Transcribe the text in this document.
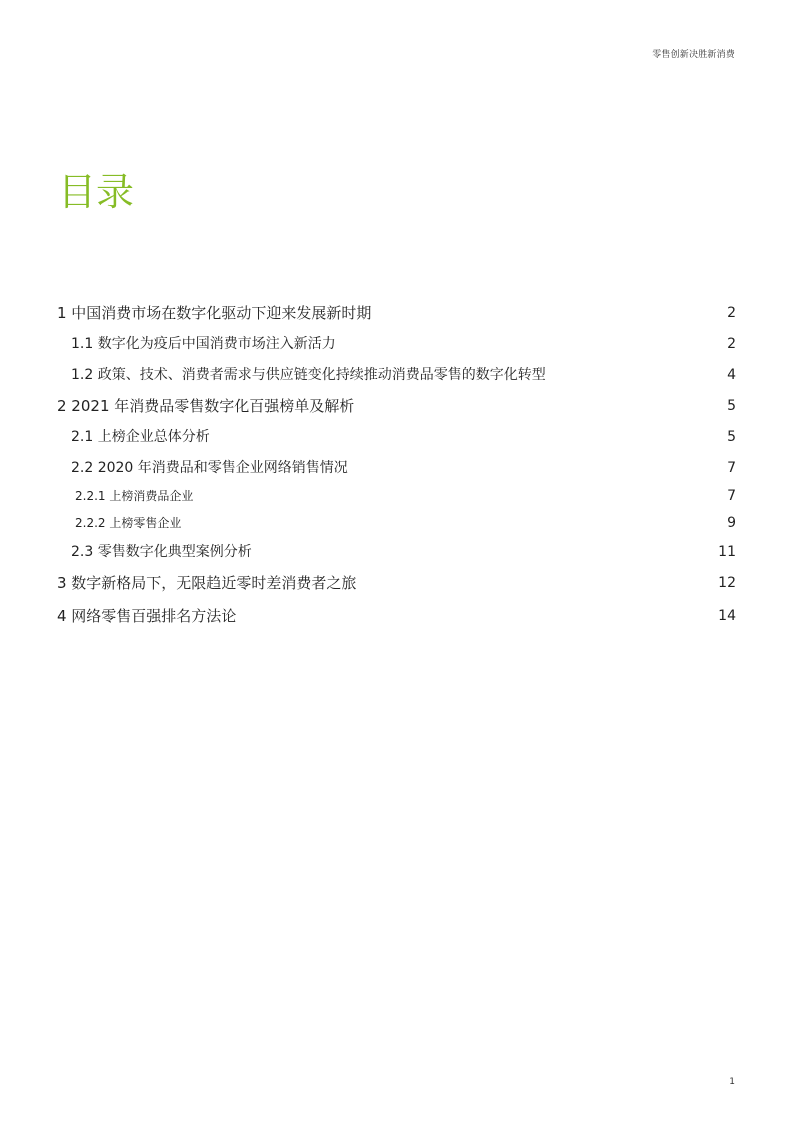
零售创新决胜新消费
目录
1 中国消费市场在数字化驱动下迎来发展新时期	2
1.1 数字化为疫后中国消费市场注入新活力	2
1.2 政策、技术、消费者需求与供应链变化持续推动消费品零售的数字化转型	4
2 2021 年消费品零售数字化百强榜单及解析	5
2.1 上榜企业总体分析	5
2.2 2020 年消费品和零售企业网络销售情况	7
2.2.1 上榜消费品企业	7
2.2.2 上榜零售企业	9
2.3 零售数字化典型案例分析	11
3 数字新格局下，无限趋近零时差消费者之旅	12
4 网络零售百强排名方法论	14
1
